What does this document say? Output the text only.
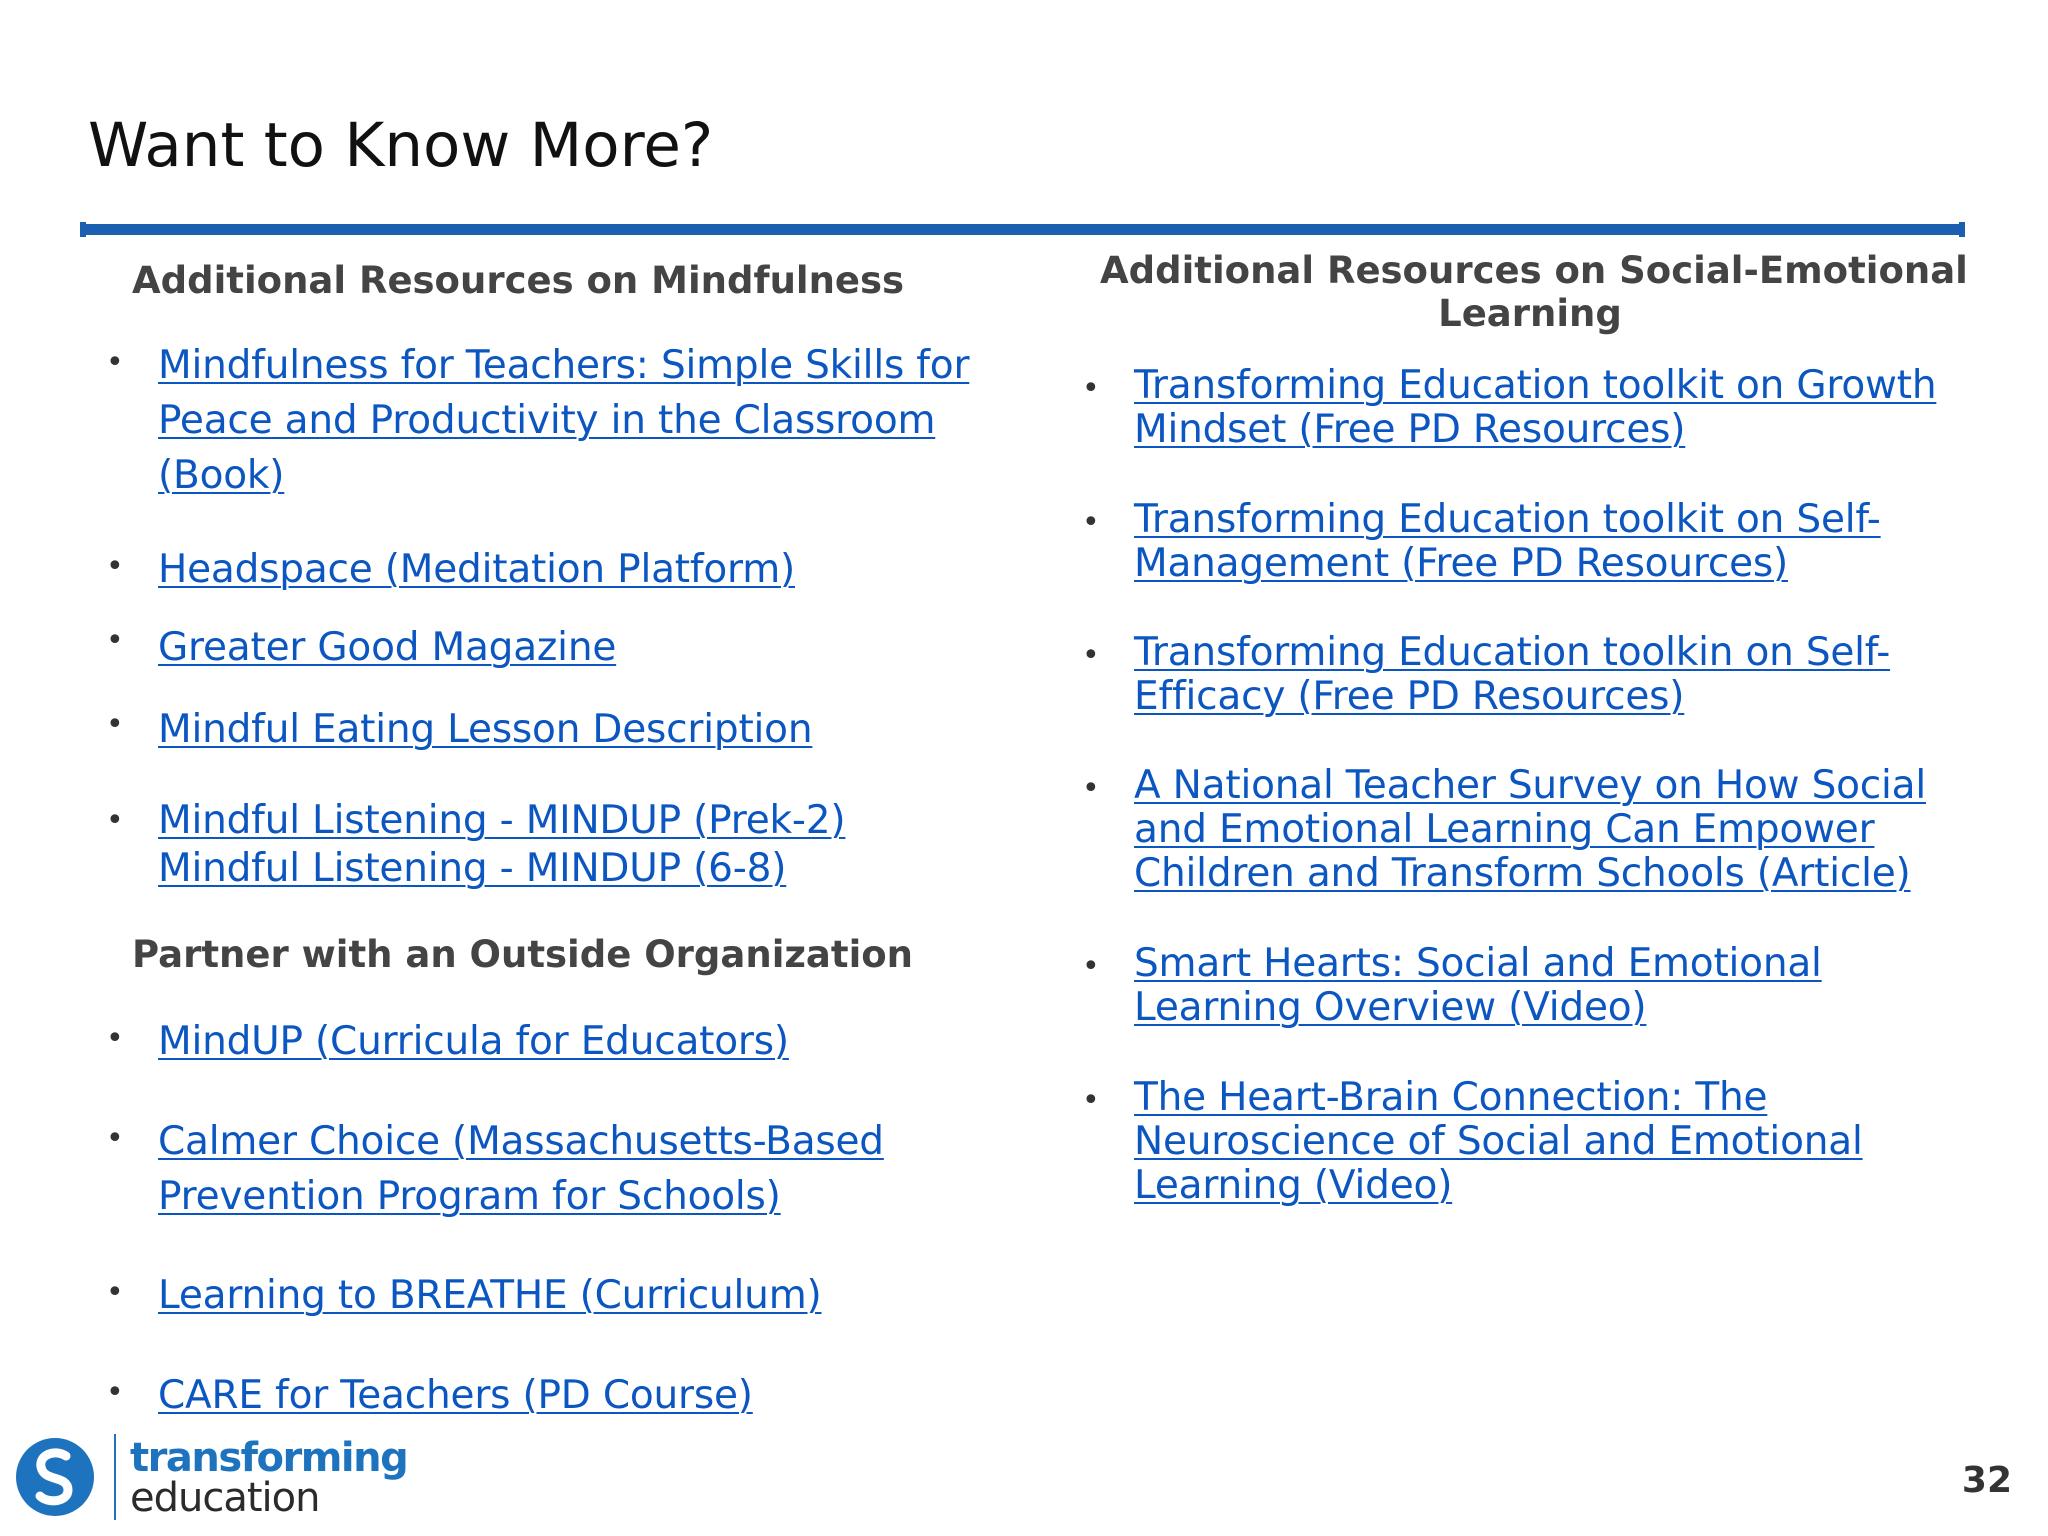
Want to Know More?
Additional Resources on Mindfulness
• Mindfulness for Teachers: Simple Skills for
Peace and Productivity in the Classroom
(Book)
• Headspace (Meditation Platform)
• Greater Good Magazine
• Mindful Eating Lesson Description
• Mindful Listening - MINDUP (Prek-2)
Mindful Listening - MINDUP (6-8)
Partner with an Outside Organization
• MindUP (Curricula for Educators)
• Calmer Choice (Massachusetts-Based
Prevention Program for Schools)
• Learning to BREATHE (Curriculum)
• CARE for Teachers (PD Course)
Additional Resources on Social-Emotional
Learning
• Transforming Education toolkit on Growth
Mindset (Free PD Resources)
• Transforming Education toolkit on Self-
Management (Free PD Resources)
• Transforming Education toolkin on Self-
Efficacy (Free PD Resources)
• A National Teacher Survey on How Social
and Emotional Learning Can Empower
Children and Transform Schools (Article)
• Smart Hearts: Social and Emotional
Learning Overview (Video)
• The Heart-Brain Connection: The
Neuroscience of Social and Emotional
Learning (Video)
transforming
education	32
